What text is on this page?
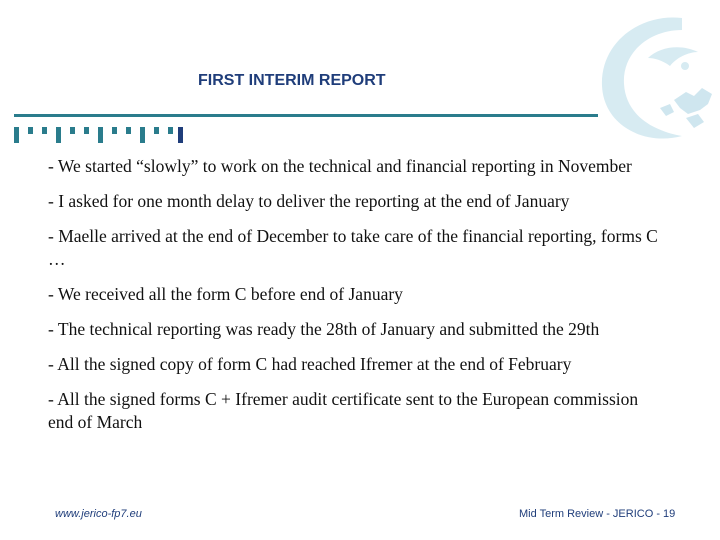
FIRST INTERIM REPORT
- We started “slowly” to work on the technical and financial reporting in November
- I asked for one month delay to deliver the reporting at the end of January
- Maelle arrived at the end of December to take care of the financial reporting, forms C …
- We received all the form C before end of January
- The technical reporting was ready the 28th of January and submitted the 29th
- All the signed copy of form C had reached Ifremer at the end of February
- All the signed forms C + Ifremer audit certificate sent to the European commission end of March
www.jerico-fp7.eu	Mid Term Review - JERICO - 19
